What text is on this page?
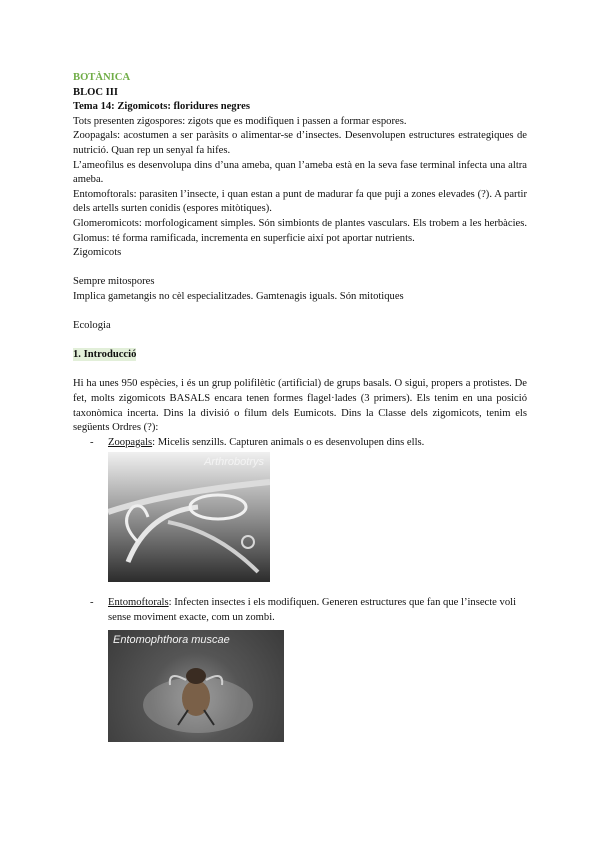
BOTÀNICA

BLOC III

Tema 14: Zigomicots: floridures negres

Tots presenten zigospores: zigots que es modifiquen i passen a formar espores.

Zoopagals: acostumen a ser paràsits o alimentar-se d’insectes. Desenvolupen estructures estrategiques de nutrició. Quan rep un senyal fa hifes.

L’ameofilus es desenvolupa dins d’una ameba, quan l’ameba està en la seva fase terminal infecta una altra ameba.

Entomoftorals: parasiten l’insecte, i quan estan a punt de madurar fa que puji a zones elevades (?). A partir dels artells surten conidis (espores mitòtiques).

Glomeromicots: morfologicament simples. Són simbionts de plantes vasculars. Els trobem a les herbàcies. Glomus: té forma ramificada, incrementa en superficie així pot aportar nutrients.

Zigomicots

Sempre mitospores

Implica gametangis no cèl especialitzades. Gamtenagis iguals. Són mitotiques

Ecologia

1. Introducció

Hi ha unes 950 espècies, i és un grup polifilètic (artificial) de grups basals. O sigui, propers a protistes. De fet, molts zigomicots BASALS encara tenen formes flagel·lades (3 primers). Els tenim en una posició taxonòmica incerta. Dins la divisió o filum dels Eumicots. Dins la Classe dels zigomicots, tenim els següents Ordres (?):

- Zoopagals: Micelis senzills. Capturen animals o es desenvolupen dins ells.
Arthrobotrys
- Entomoftorals: Infecten insectes i els modifiquen. Generen estructures que fan que l’insecte voli sense moviment exacte, com un zombi.
Entomophthora muscae
